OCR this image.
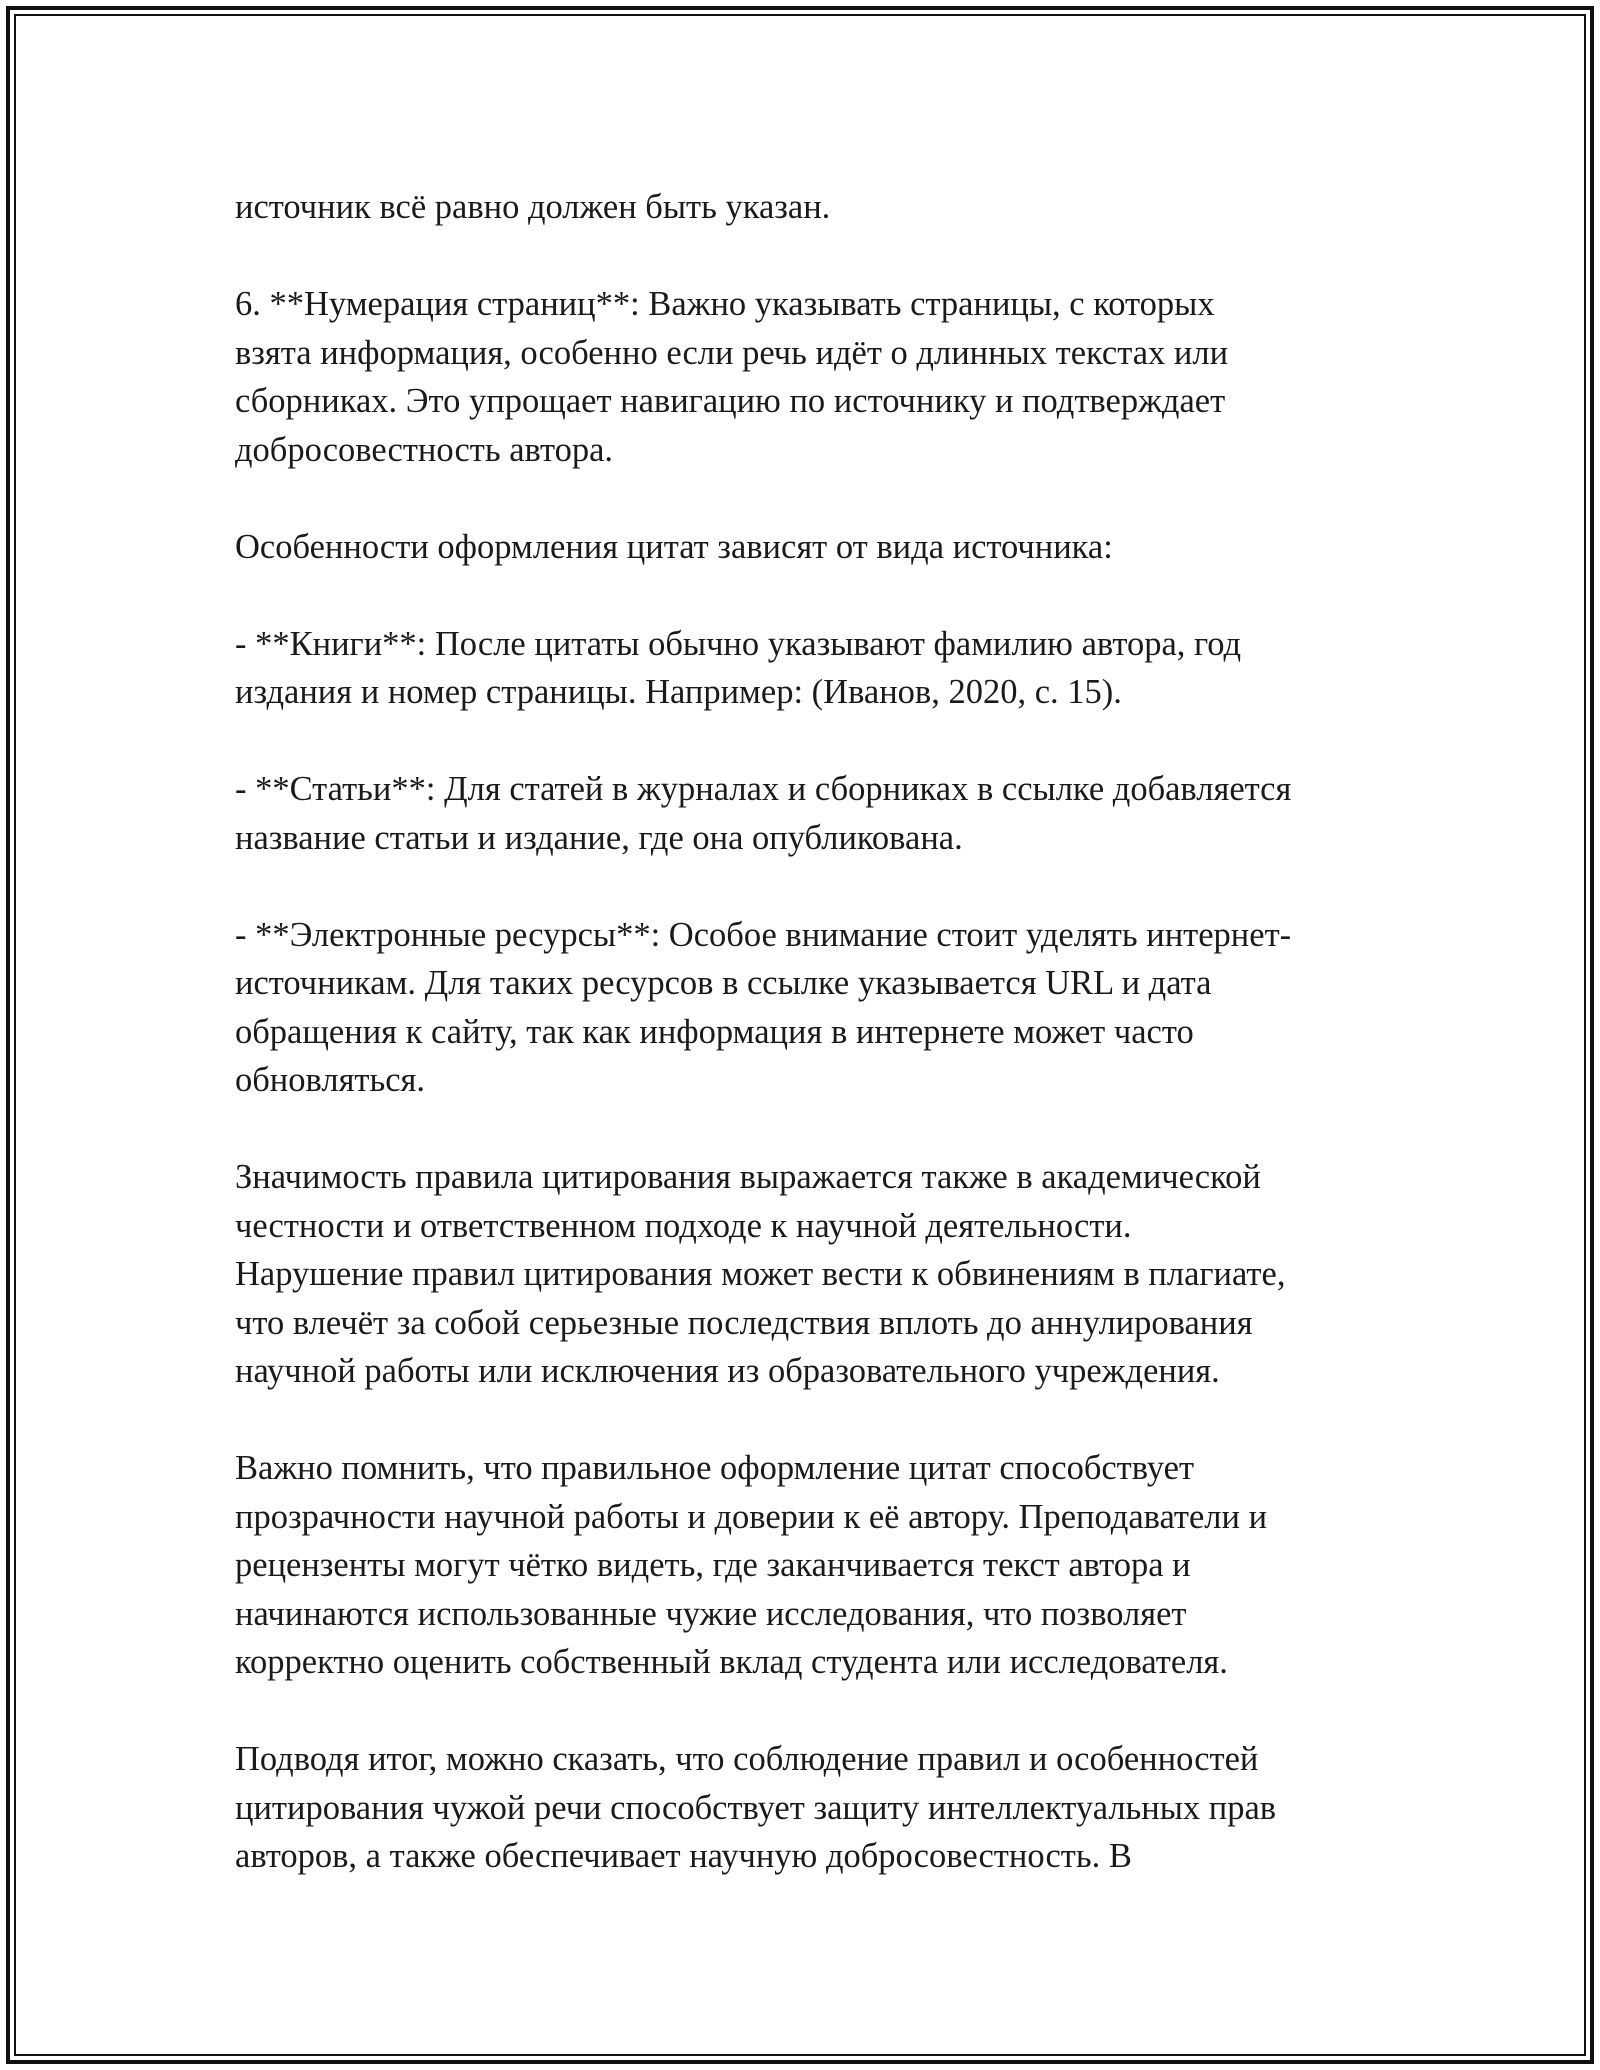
источник всё равно должен быть указан.

6. **Нумерация страниц**: Важно указывать страницы, с которых
взята информация, особенно если речь идёт о длинных текстах или
сборниках. Это упрощает навигацию по источнику и подтверждает
добросовестность автора.

Особенности оформления цитат зависят от вида источника:

- **Книги**: После цитаты обычно указывают фамилию автора, год
издания и номер страницы. Например: (Иванов, 2020, с. 15).

- **Статьи**: Для статей в журналах и сборниках в ссылке добавляется
название статьи и издание, где она опубликована.

- **Электронные ресурсы**: Особое внимание стоит уделять интернет-
источникам. Для таких ресурсов в ссылке указывается URL и дата
обращения к сайту, так как информация в интернете может часто
обновляться.

Значимость правила цитирования выражается также в академической
честности и ответственном подходе к научной деятельности.
Нарушение правил цитирования может вести к обвинениям в плагиате,
что влечёт за собой серьезные последствия вплоть до аннулирования
научной работы или исключения из образовательного учреждения.

Важно помнить, что правильное оформление цитат способствует
прозрачности научной работы и доверии к её автору. Преподаватели и
рецензенты могут чётко видеть, где заканчивается текст автора и
начинаются использованные чужие исследования, что позволяет
корректно оценить собственный вклад студента или исследователя.

Подводя итог, можно сказать, что соблюдение правил и особенностей
цитирования чужой речи способствует защиту интеллектуальных прав
авторов, а также обеспечивает научную добросовестность. В
